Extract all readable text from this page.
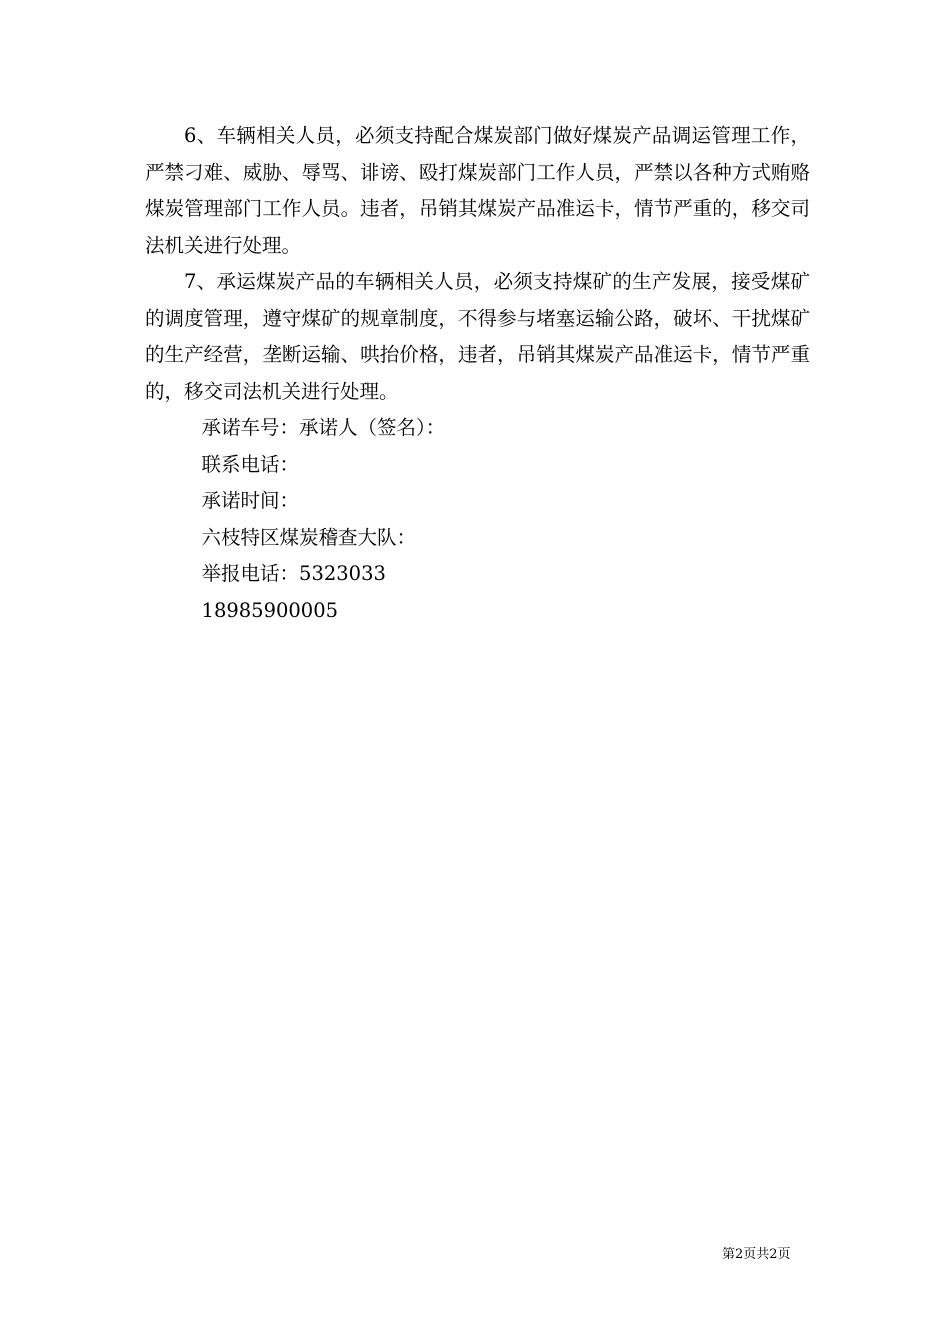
6、车辆相关人员，必须支持配合煤炭部门做好煤炭产品调运管理工作，严禁刁难、威胁、辱骂、诽谤、殴打煤炭部门工作人员，严禁以各种方式贿赂煤炭管理部门工作人员。违者，吊销其煤炭产品准运卡，情节严重的，移交司法机关进行处理。

7、承运煤炭产品的车辆相关人员，必须支持煤矿的生产发展，接受煤矿的调度管理，遵守煤矿的规章制度，不得参与堵塞运输公路，破坏、干扰煤矿的生产经营，垄断运输、哄抬价格，违者，吊销其煤炭产品准运卡，情节严重的，移交司法机关进行处理。

承诺车号：承诺人（签名）：

联系电话：

承诺时间：

六枝特区煤炭稽查大队：

举报电话：5323033

18985900005

第2页共2页
